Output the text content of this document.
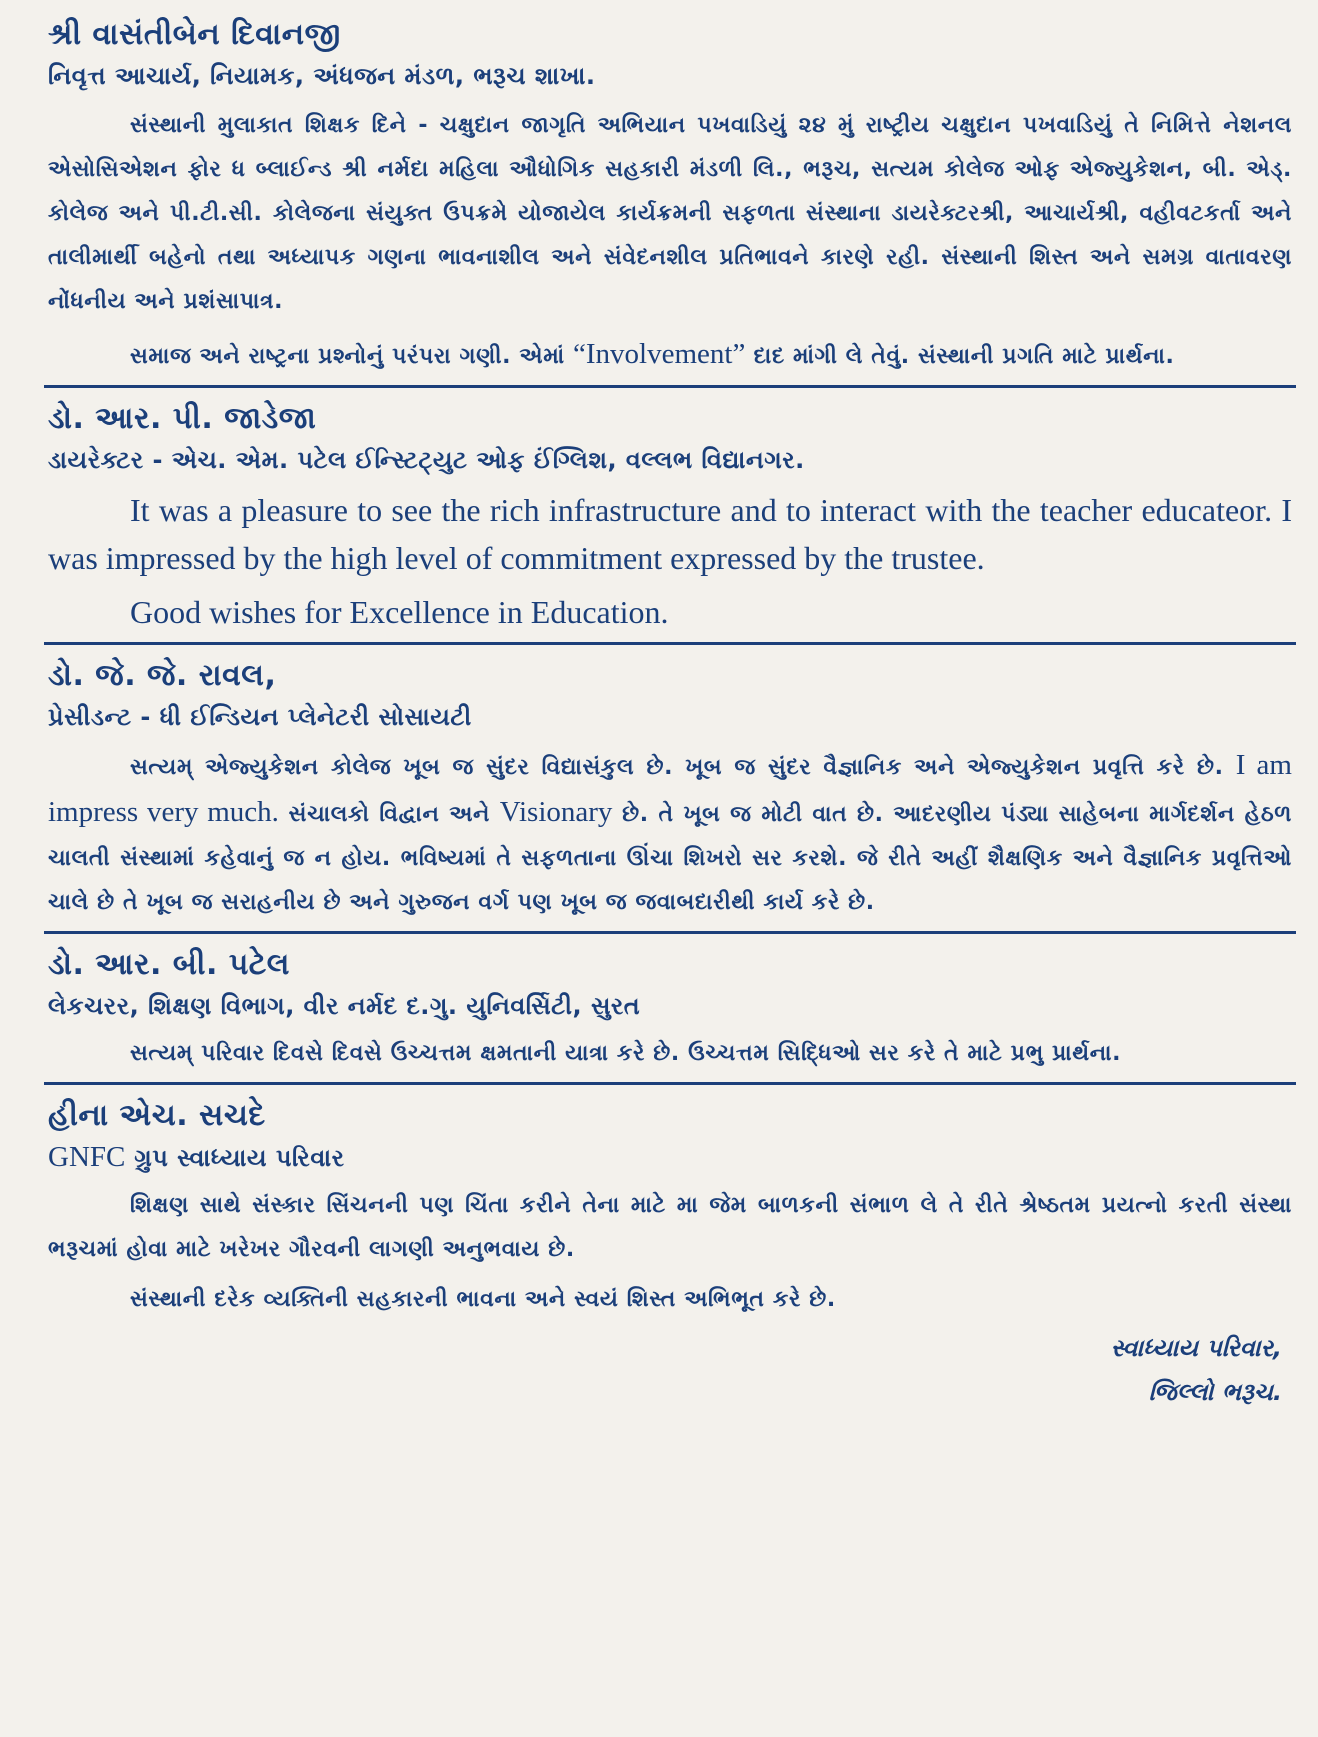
શ્રી વાસંતીબેન દિવાનજી

નિવૃત્ત આચાર્ય, નિયામક, અંધજન મંડળ, ભરૂચ શાખા.

સંસ્થાની મુલાકાત શિક્ષક દિને - ચક્ષુદાન જાગૃતિ અભિયાન પખવાડિયું ૨૪ મું રાષ્ટ્રીય ચક્ષુદાન પખવાડિયું તે નિમિત્તે નેશનલ એસોસિએશન ફોર ધ બ્લાઈન્ડ શ્રી નર્મદા મહિલા ઔધોગિક સહકારી મંડળી લિ., ભરૂચ, સત્યમ કોલેજ ઓફ એજ્યુકેશન, બી. એડ્. કોલેજ અને પી.ટી.સી. કોલેજના સંયુક્ત ઉપક્રમે યોજાયેલ કાર્યક્રમની સફળતા સંસ્થાના ડાયરેક્ટરશ્રી, આચાર્યશ્રી, વહીવટકર્તા અને તાલીમાર્થી બહેનો તથા અધ્યાપક ગણના ભાવનાશીલ અને સંવેદનશીલ પ્રતિભાવને કારણે રહી. સંસ્થાની શિસ્ત અને સમગ્ર વાતાવરણ નોંધનીય અને પ્રશંસાપાત્ર.

સમાજ અને રાષ્ટ્રના પ્રશ્નોનું પરંપરા ગણી. એમાં “Involvement” દાદ માંગી લે તેવું. સંસ્થાની પ્રગતિ માટે પ્રાર્થના.

ડો. આર. પી. જાડેજા

ડાયરેક્ટર - એચ. એમ. પટેલ ઈન્સ્ટિટ્યુટ ઓફ ઈંગ્લિશ, વલ્લભ વિદ્યાનગર.

It was a pleasure to see the rich infrastructure and to interact with the teacher educateor. I was impressed by the high level of commitment expressed by the trustee.

Good wishes for Excellence in Education.

ડો. જે. જે. રાવલ,

પ્રેસીડન્ટ - ધી ઈન્ડિયન પ્લેનેટરી સોસાયટી

સત્યમ્ એજ્યુકેશન કોલેજ ખૂબ જ સુંદર વિદ્યાસંકુલ છે. ખૂબ જ સુંદર વૈજ્ઞાનિક અને એજ્યુકેશન પ્રવૃત્તિ કરે છે. I am impress very much. સંચાલકો વિદ્વાન અને Visionary છે. તે ખૂબ જ મોટી વાત છે. આદરણીય પંડ્યા સાહેબના માર્ગદર્શન હેઠળ ચાલતી સંસ્થામાં કહેવાનું જ ન હોય. ભવિષ્યમાં તે સફળતાના ઊંચા શિખરો સર કરશે. જે રીતે અહીં શૈક્ષણિક અને વૈજ્ઞાનિક પ્રવૃત્તિઓ ચાલે છે તે ખૂબ જ સરાહનીય છે અને ગુરુજન વર્ગ પણ ખૂબ જ જવાબદારીથી કાર્ય કરે છે.

ડો. આર. બી. પટેલ

લેકચરર, શિક્ષણ વિભાગ, વીર નર્મદ દ.ગુ. યુનિવર્સિટી, સુરત

સત્યમ્ પરિવાર દિવસે દિવસે ઉચ્ચત્તમ ક્ષમતાની યાત્રા કરે છે. ઉચ્ચત્તમ સિદ્ધિઓ સર કરે તે માટે પ્રભુ પ્રાર્થના.

હીના એચ. સચદે

GNFC ગ્રુપ સ્વાધ્યાય પરિવાર

શિક્ષણ સાથે સંસ્કાર સિંચનની પણ ચિંતા કરીને તેના માટે મા જેમ બાળકની સંભાળ લે તે રીતે શ્રેષ્ઠતમ પ્રયત્નો કરતી સંસ્થા ભરૂચમાં હોવા માટે ખરેખર ગૌરવની લાગણી અનુભવાય છે.

સંસ્થાની દરેક વ્યક્તિની સહકારની ભાવના અને સ્વયં શિસ્ત અભિભૂત કરે છે.

સ્વાધ્યાય પરિવાર,
જિલ્લો ભરૂચ.
